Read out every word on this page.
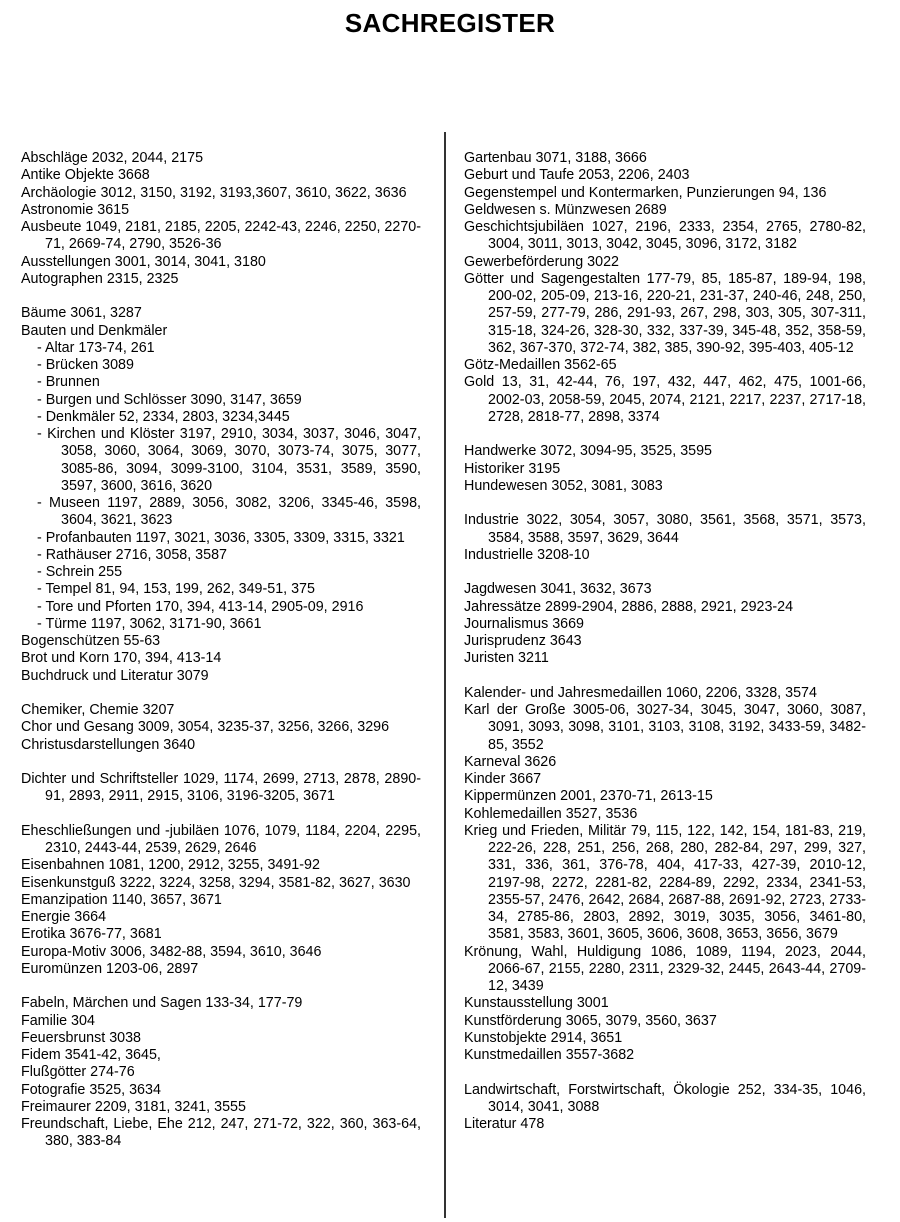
SACHREGISTER
Abschläge 2032, 2044, 2175
Antike Objekte 3668
Archäologie 3012, 3150, 3192, 3193,3607, 3610, 3622, 3636
Astronomie 3615
Ausbeute 1049, 2181, 2185, 2205, 2242-43, 2246, 2250, 2270-71, 2669-74, 2790, 3526-36
Ausstellungen 3001, 3014, 3041, 3180
Autographen 2315, 2325
Bäume 3061, 3287
Bauten und Denkmäler
- Altar 173-74, 261
- Brücken 3089
- Brunnen
- Burgen und Schlösser 3090, 3147, 3659
- Denkmäler 52, 2334, 2803, 3234,3445
- Kirchen und Klöster 3197, 2910, 3034, 3037, 3046, 3047, 3058, 3060, 3064, 3069, 3070, 3073-74, 3075, 3077, 3085-86, 3094, 3099-3100, 3104, 3531, 3589, 3590, 3597, 3600, 3616, 3620
- Museen 1197, 2889, 3056, 3082, 3206, 3345-46, 3598, 3604, 3621, 3623
- Profanbauten 1197, 3021, 3036, 3305, 3309, 3315, 3321
- Rathäuser 2716, 3058, 3587
- Schrein 255
- Tempel 81, 94, 153, 199, 262, 349-51, 375
- Tore und Pforten 170, 394, 413-14, 2905-09, 2916
- Türme 1197, 3062, 3171-90, 3661
Bogenschützen 55-63
Brot und Korn 170, 394, 413-14
Buchdruck und Literatur 3079
Chemiker, Chemie 3207
Chor und Gesang 3009, 3054, 3235-37, 3256, 3266, 3296
Christusdarstellungen 3640
Dichter und Schriftsteller 1029, 1174, 2699, 2713, 2878, 2890-91, 2893, 2911, 2915, 3106, 3196-3205, 3671
Eheschließungen und -jubiläen 1076, 1079, 1184, 2204, 2295, 2310, 2443-44, 2539, 2629, 2646
Eisenbahnen 1081, 1200, 2912, 3255, 3491-92
Eisenkunstguß 3222, 3224, 3258, 3294, 3581-82, 3627, 3630
Emanzipation 1140, 3657, 3671
Energie 3664
Erotika 3676-77, 3681
Europa-Motiv 3006, 3482-88, 3594, 3610, 3646
Euromünzen 1203-06, 2897
Fabeln, Märchen und Sagen 133-34, 177-79
Familie 304
Feuersbrunst 3038
Fidem 3541-42, 3645,
Flußgötter 274-76
Fotografie 3525, 3634
Freimaurer 2209, 3181, 3241, 3555
Freundschaft, Liebe, Ehe 212, 247, 271-72, 322, 360, 363-64, 380, 383-84
Gartenbau 3071, 3188, 3666
Geburt und Taufe 2053, 2206, 2403
Gegenstempel und Kontermarken, Punzierungen 94, 136
Geldwesen s. Münzwesen 2689
Geschichtsjubiläen 1027, 2196, 2333, 2354, 2765, 2780-82, 3004, 3011, 3013, 3042, 3045, 3096, 3172, 3182
Gewerbeförderung 3022
Götter und Sagengestalten 177-79, 85, 185-87, 189-94, 198, 200-02, 205-09, 213-16, 220-21, 231-37, 240-46, 248, 250, 257-59, 277-79, 286, 291-93, 267, 298, 303, 305, 307-311, 315-18, 324-26, 328-30, 332, 337-39, 345-48, 352, 358-59, 362, 367-370, 372-74, 382, 385, 390-92, 395-403, 405-12
Götz-Medaillen 3562-65
Gold 13, 31, 42-44, 76, 197, 432, 447, 462, 475, 1001-66, 2002-03, 2058-59, 2045, 2074, 2121, 2217, 2237, 2717-18, 2728, 2818-77, 2898, 3374
Handwerke 3072, 3094-95, 3525, 3595
Historiker 3195
Hundewesen 3052, 3081, 3083
Industrie 3022, 3054, 3057, 3080, 3561, 3568, 3571, 3573, 3584, 3588, 3597, 3629, 3644
Industrielle 3208-10
Jagdwesen 3041, 3632, 3673
Jahressätze 2899-2904, 2886, 2888, 2921, 2923-24
Journalismus 3669
Jurisprudenz 3643
Juristen 3211
Kalender- und Jahresmedaillen 1060, 2206, 3328, 3574
Karl der Große 3005-06, 3027-34, 3045, 3047, 3060, 3087, 3091, 3093, 3098, 3101, 3103, 3108, 3192, 3433-59, 3482-85, 3552
Karneval 3626
Kinder 3667
Kippermünzen 2001, 2370-71, 2613-15
Kohlemedaillen 3527, 3536
Krieg und Frieden, Militär 79, 115, 122, 142, 154, 181-83, 219, 222-26, 228, 251, 256, 268, 280, 282-84, 297, 299, 327, 331, 336, 361, 376-78, 404, 417-33, 427-39, 2010-12, 2197-98, 2272, 2281-82, 2284-89, 2292, 2334, 2341-53, 2355-57, 2476, 2642, 2684, 2687-88, 2691-92, 2723, 2733-34, 2785-86, 2803, 2892, 3019, 3035, 3056, 3461-80, 3581, 3583, 3601, 3605, 3606, 3608, 3653, 3656, 3679
Krönung, Wahl, Huldigung 1086, 1089, 1194, 2023, 2044, 2066-67, 2155, 2280, 2311, 2329-32, 2445, 2643-44, 2709-12, 3439
Kunstausstellung 3001
Kunstförderung 3065, 3079, 3560, 3637
Kunstobjekte 2914, 3651
Kunstmedaillen 3557-3682
Landwirtschaft, Forstwirtschaft, Ökologie 252, 334-35, 1046, 3014, 3041, 3088
Literatur 478
